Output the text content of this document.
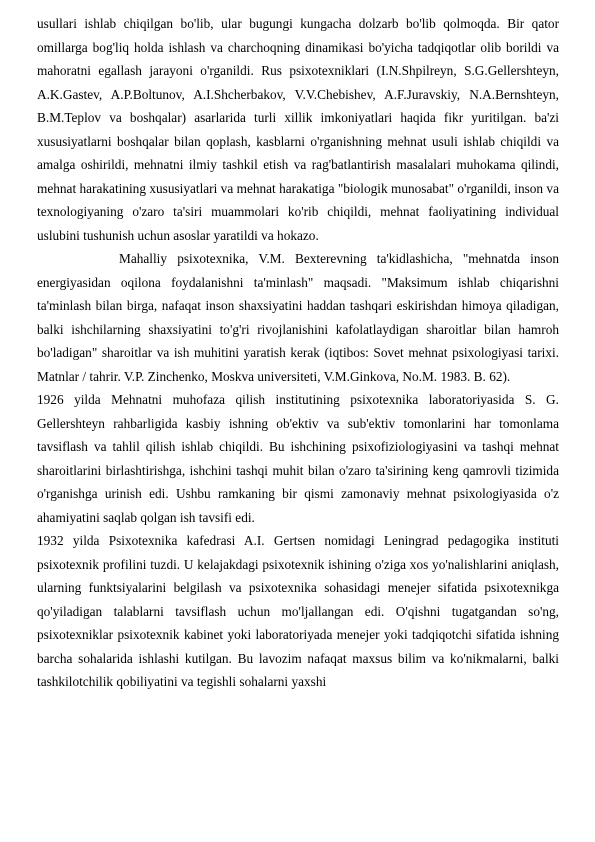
usullari ishlab chiqilgan bo'lib, ular bugungi kungacha dolzarb bo'lib qolmoqda. Bir qator omillarga bog'liq holda ishlash va charchoqning dinamikasi bo'yicha tadqiqotlar olib borildi va mahoratni egallash jarayoni o'rganildi. Rus psixotexniklari (I.N.Shpilreyn, S.G.Gellershteyn, A.K.Gastev, A.P.Boltunov, A.I.Shcherbakov, V.V.Chebishev, A.F.Juravskiy, N.A.Bernshteyn, B.M.Teplov va boshqalar) asarlarida turli xillik imkoniyatlari haqida fikr yuritilgan. ba'zi xususiyatlarni boshqalar bilan qoplash, kasblarni o'rganishning mehnat usuli ishlab chiqildi va amalga oshirildi, mehnatni ilmiy tashkil etish va rag'batlantirish masalalari muhokama qilindi, mehnat harakatining xususiyatlari va mehnat harakatiga "biologik munosabat" o'rganildi, inson va texnologiyaning o'zaro ta'siri muammolari ko'rib chiqildi, mehnat faoliyatining individual uslubini tushunish uchun asoslar yaratildi va hokazo.

Mahalliy psixotexnika, V.M. Bexterevning ta'kidlashicha, "mehnatda inson energiyasidan oqilona foydalanishni ta'minlash" maqsadi. "Maksimum ishlab chiqarishni ta'minlash bilan birga, nafaqat inson shaxsiyatini haddan tashqari eskirishdan himoya qiladigan, balki ishchilarning shaxsiyatini to'g'ri rivojlanishini kafolatlaydigan sharoitlar bilan hamroh bo'ladigan" sharoitlar va ish muhitini yaratish kerak (iqtibos: Sovet mehnat psixologiyasi tarixi. Matnlar / tahrir. V.P. Zinchenko, Moskva universiteti, V.M.Ginkova, No.M. 1983. B. 62).

1926 yilda Mehnatni muhofaza qilish institutining psixotexnika laboratoriyasida S. G. Gellershteyn rahbarligida kasbiy ishning ob'ektiv va sub'ektiv tomonlarini har tomonlama tavsiflash va tahlil qilish ishlab chiqildi. Bu ishchining psixofiziologiyasini va tashqi mehnat sharoitlarini birlashtirishga, ishchini tashqi muhit bilan o'zaro ta'sirining keng qamrovli tizimida o'rganishga urinish edi. Ushbu ramkaning bir qismi zamonaviy mehnat psixologiyasida o'z ahamiyatini saqlab qolgan ish tavsifi edi.

1932 yilda Psixotexnika kafedrasi A.I. Gertsen nomidagi Leningrad pedagogika instituti psixotexnik profilini tuzdi. U kelajakdagi psixotexnik ishining o'ziga xos yo'nalishlarini aniqlash, ularning funktsiyalarini belgilash va psixotexnika sohasidagi menejer sifatida psixotexnikga qo'yiladigan talablarni tavsiflash uchun mo'ljallangan edi. O'qishni tugatgandan so'ng, psixotexniklar psixotexnik kabinet yoki laboratoriyada menejer yoki tadqiqotchi sifatida ishning barcha sohalarida ishlashi kutilgan. Bu lavozim nafaqat maxsus bilim va ko'nikmalarni, balki tashkilotchilik qobiliyatini va tegishli sohalarni yaxshi
